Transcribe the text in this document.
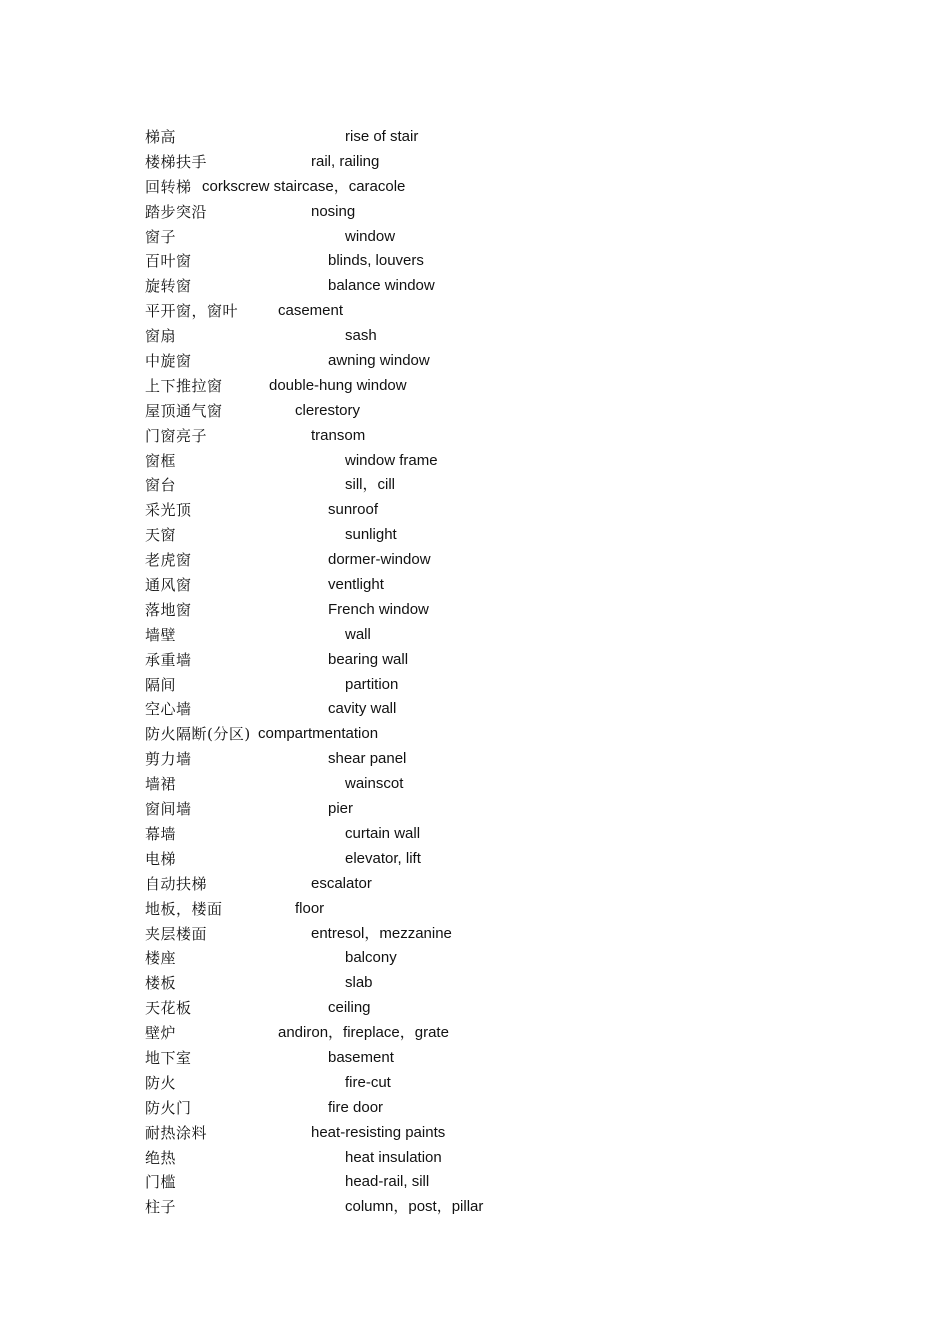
梯高	rise of stair
楼梯扶手	rail, railing
回转梯 corkscrew staircase，caracole
踏步突沿	nosing
窗子	window
百叶窗	blinds, louvers
旋转窗	balance window
平开窗，窗叶	casement
窗扇	sash
中旋窗	awning window
上下推拉窗	double-hung window
屋顶通气窗	clerestory
门窗亮子	transom
窗框	window frame
窗台	sill，cill
采光顶	sunroof
天窗	sunlight
老虎窗	dormer-window
通风窗	ventlight
落地窗	French window
墙壁	wall
承重墙	bearing wall
隔间	partition
空心墙	cavity wall
防火隔断(分区) compartmentation
剪力墙	shear panel
墙裙	wainscot
窗间墙	pier
幕墙	curtain wall
电梯	elevator, lift
自动扶梯	escalator
地板，楼面	floor
夹层楼面	entresol，mezzanine
楼座	balcony
楼板	slab
天花板	ceiling
壁炉	andiron，fireplace，grate
地下室	basement
防火	fire-cut
防火门	fire door
耐热涂料	heat-resisting paints
绝热	heat insulation
门槛	head-rail, sill
柱子	column，post，pillar
